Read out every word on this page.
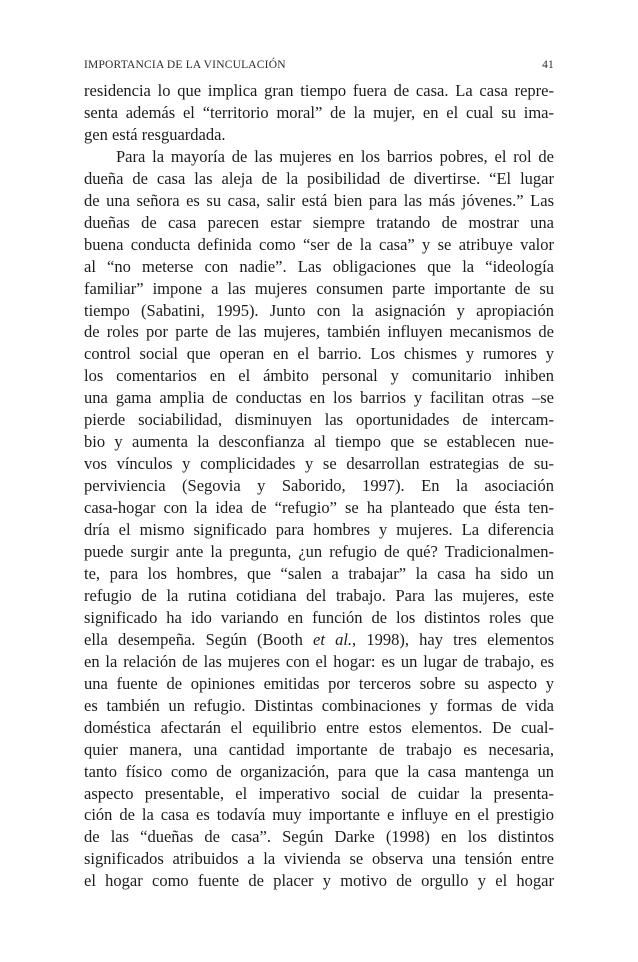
IMPORTANCIA DE LA VINCULACIÓN	41
residencia lo que implica gran tiempo fuera de casa. La casa repre-
senta además el “territorio moral” de la mujer, en el cual su ima-
gen está resguardada.
Para la mayoría de las mujeres en los barrios pobres, el rol de
dueña de casa las aleja de la posibilidad de divertirse. “El lugar
de una señora es su casa, salir está bien para las más jóvenes.” Las
dueñas de casa parecen estar siempre tratando de mostrar una
buena conducta definida como “ser de la casa” y se atribuye valor
al “no meterse con nadie”. Las obligaciones que la “ideología
familiar” impone a las mujeres consumen parte importante de su
tiempo (Sabatini, 1995). Junto con la asignación y apropiación
de roles por parte de las mujeres, también influyen mecanismos de
control social que operan en el barrio. Los chismes y rumores y
los comentarios en el ámbito personal y comunitario inhiben
una gama amplia de conductas en los barrios y facilitan otras –se
pierde sociabilidad, disminuyen las oportunidades de intercam-
bio y aumenta la desconfianza al tiempo que se establecen nue-
vos vínculos y complicidades y se desarrollan estrategias de su-
perviviencia (Segovia y Saborido, 1997). En la asociación
casa-hogar con la idea de “refugio” se ha planteado que ésta ten-
dría el mismo significado para hombres y mujeres. La diferencia
puede surgir ante la pregunta, ¿un refugio de qué? Tradicionalmen-
te, para los hombres, que “salen a trabajar” la casa ha sido un
refugio de la rutina cotidiana del trabajo. Para las mujeres, este
significado ha ido variando en función de los distintos roles que
ella desempeña. Según (Booth et al., 1998), hay tres elementos
en la relación de las mujeres con el hogar: es un lugar de trabajo, es
una fuente de opiniones emitidas por terceros sobre su aspecto y
es también un refugio. Distintas combinaciones y formas de vida
doméstica afectarán el equilibrio entre estos elementos. De cual-
quier manera, una cantidad importante de trabajo es necesaria,
tanto físico como de organización, para que la casa mantenga un
aspecto presentable, el imperativo social de cuidar la presenta-
ción de la casa es todavía muy importante e influye en el prestigio
de las “dueñas de casa”. Según Darke (1998) en los distintos
significados atribuidos a la vivienda se observa una tensión entre
el hogar como fuente de placer y motivo de orgullo y el hogar
